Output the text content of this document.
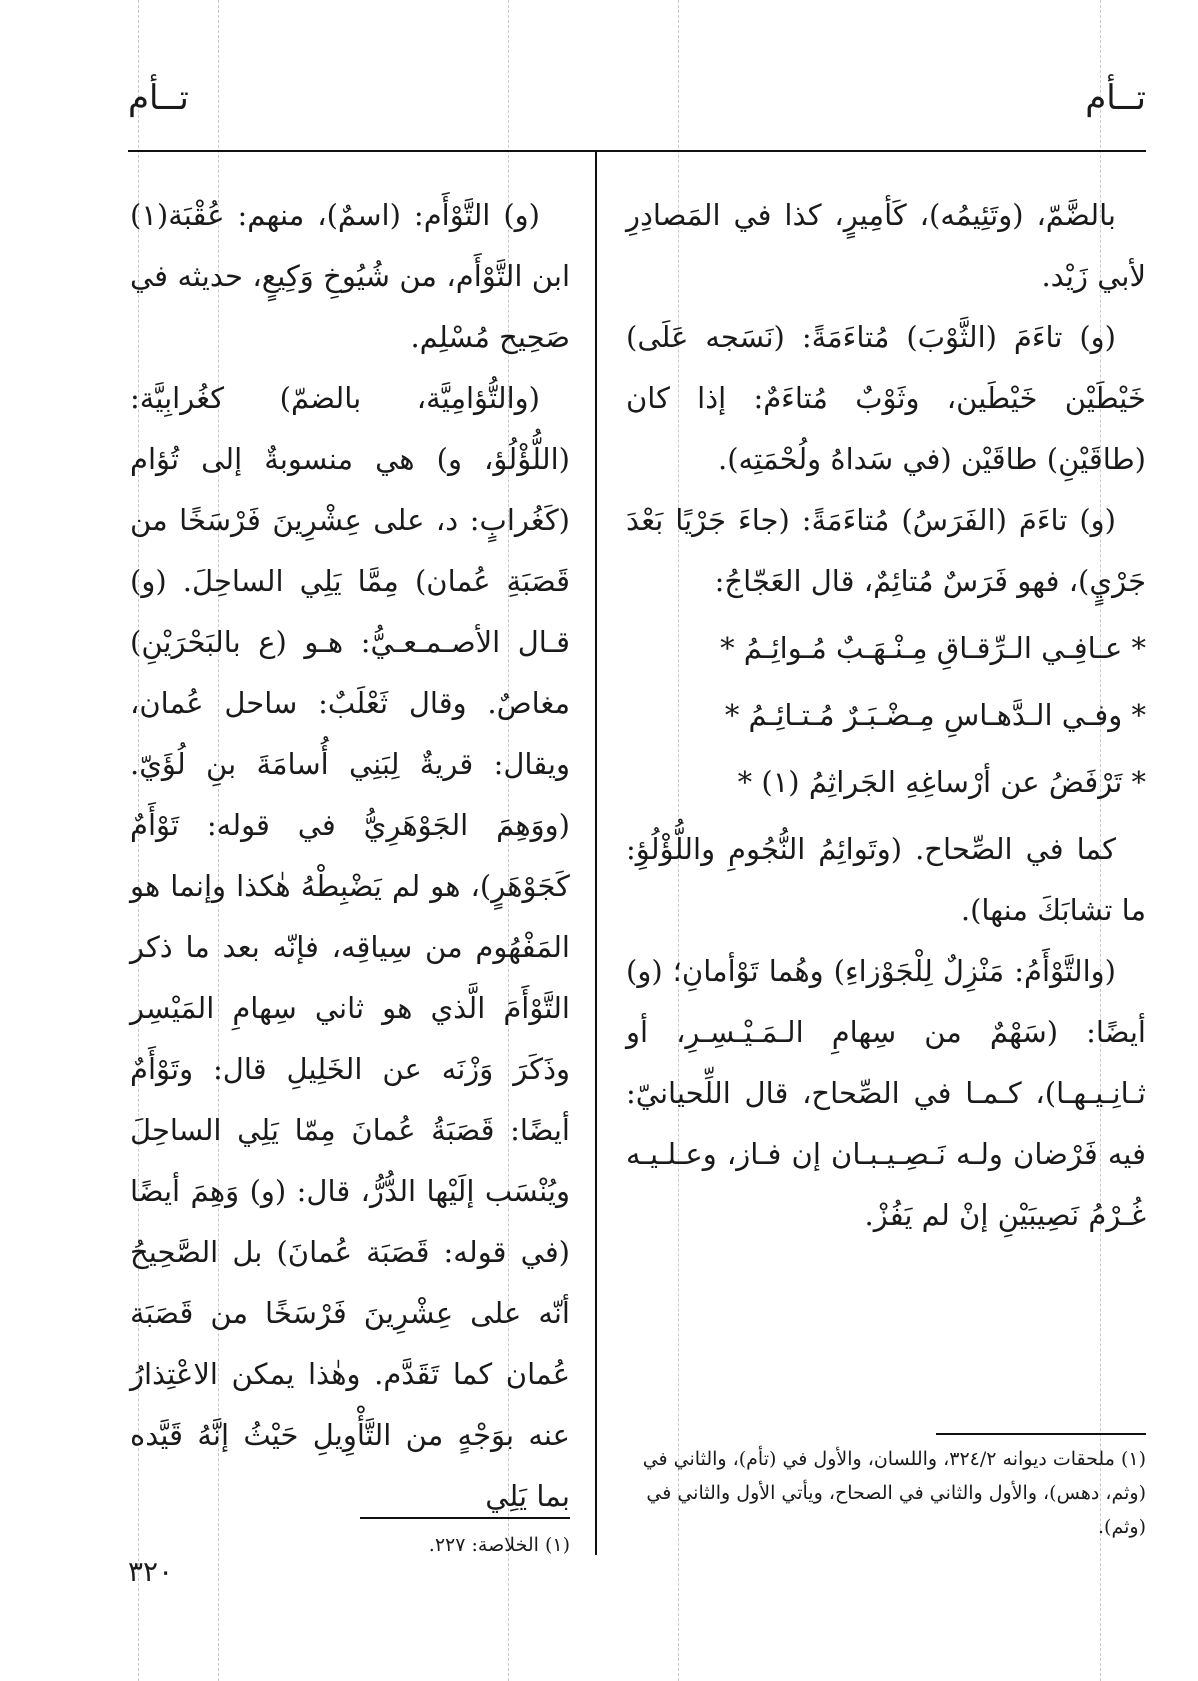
تــأم
تــأم

بالضَّمّ، (وتَئِيمُه)، كَأمِيرٍ، كذا في المَصادِرِ لأبي زَيْد.

(و) تاءَمَ (الثَّوْبَ) مُتاءَمَةً: (نَسَجه عَلَى) خَيْطَيْن خَيْطَين، وثَوْبٌ مُتاءَمٌ: إذا كان (طاقَيْنِ) طاقَيْن (في سَداهُ ولُحْمَتِه).

(و) تاءَمَ (الفَرَسُ) مُتاءَمَةً: (جاءَ جَرْيًا بَعْدَ جَرْيٍ)، فهو فَرَسٌ مُتائِمٌ، قال العَجّاجُ:

* عـافِـي الـرِّقـاقِ مِـنْـهَـبٌ مُـوائِـمُ *

* وفـي الـدَّهـاسِ مِـضْـبَـرٌ مُـتـائِـمُ *

* تَرْفَضُ عن أرْساغِهِ الجَراثِمُ (١) *

كما في الصِّحاح. (وتَوائِمُ النُّجُومِ واللُّؤْلُؤِ: ما تشابَكَ منها).

(والتَّوْأَمُ: مَنْزِلٌ لِلْجَوْزاءِ) وهُما تَوْأمانِ؛ (و) أيضًا: (سَهْمٌ من سِهامِ الـمَـيْـسِـرِ، أو ثـانِـيـهـا)، كـمـا في الصِّحاح، قال اللِّحيانيّ: فيه فَرْضان ولـه نَـصِـيـبـان إن فـاز، وعـلـيـه غُـرْمُ نَصِيبَيْنِ إنْ لم يَفُزْ.

(و) التَّوْأَم: (اسمٌ)، منهم: عُقْبَة(١) ابن التَّوْأَم، من شُيُوخِ وَكِيعٍ، حديثه في صَحِيح مُسْلِم.

(والتُّؤامِيَّة، بالضمّ) كغُرابِيَّة: (اللُّؤْلُؤ، و) هي منسوبةٌ إلى تُؤام (كَغُرابٍ: د، على عِشْرِينَ فَرْسَخًا من قَصَبَةِ عُمان) مِمَّا يَلِي الساحِلَ. (و) قـال الأصـمـعـيُّ: هـو (ع بالبَحْرَيْنِ) مغاصٌ. وقال ثَعْلَبٌ: ساحل عُمان، ويقال: قريةٌ لِبَنِي أُسامَةَ بنِ لُؤَيّ. (ووَهِمَ الجَوْهَرِيُّ في قوله: تَوْأَمٌ كَجَوْهَرٍ)، هو لم يَضْبِطْهُ هٰكذا وإنما هو المَفْهُوم من سِياقِه، فإنّه بعد ما ذكر التَّوْأَمَ الَّذي هو ثاني سِهامِ المَيْسِر وذَكَرَ وَزْنَه عن الخَلِيلِ قال: وتَوْأَمٌ أيضًا: قَصَبَةُ عُمانَ مِمّا يَلِي الساحِلَ ويُنْسَب إلَيْها الدُّرُّ، قال: (و) وَهِمَ أيضًا (في قوله: قَصَبَة عُمانَ) بل الصَّحِيحُ أنّه على عِشْرِينَ فَرْسَخًا من قَصَبَة عُمان كما تَقَدَّم. وهٰذا يمكن الاعْتِذارُ عنه بوَجْهٍ من التَّأْوِيلِ حَيْثُ إنَّهُ قَيَّده بما يَلِي

(١) ملحقات ديوانه ٣٢٤/٢، واللسان، والأول في (تأم)، والثاني في (وثم، دهس)، والأول والثاني في الصحاح، ويأتي الأول والثاني في (وثم).
(١) الخلاصة: ٢٢٧.
٣٢٠
